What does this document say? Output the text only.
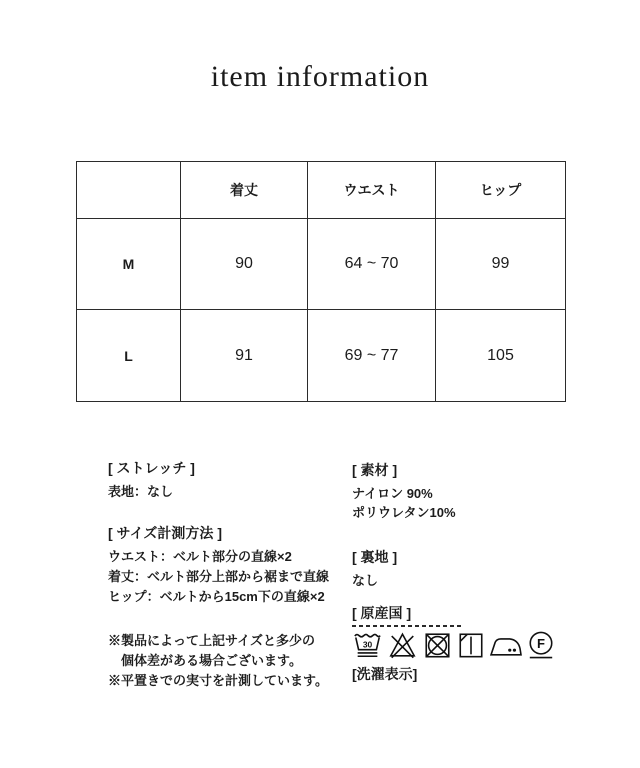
item information
	着丈	ウエスト	ヒップ
M	90	64 ~ 70	99
L	91	69 ~ 77	105
[ ストレッチ ]
表地：なし
[ サイズ計測方法 ]
ウエスト：ベルト部分の直線×2
着丈：ベルト部分上部から裾まで直線
ヒップ：ベルトから15cm下の直線×2
※製品によって上記サイズと多少の
　個体差がある場合ございます。
※平置きでの実寸を計測しています。
[ 素材 ]
ナイロン 90%
ポリウレタン10%
[ 裏地 ]
なし
[ 原産国 ]
30	F
[洗濯表示]
